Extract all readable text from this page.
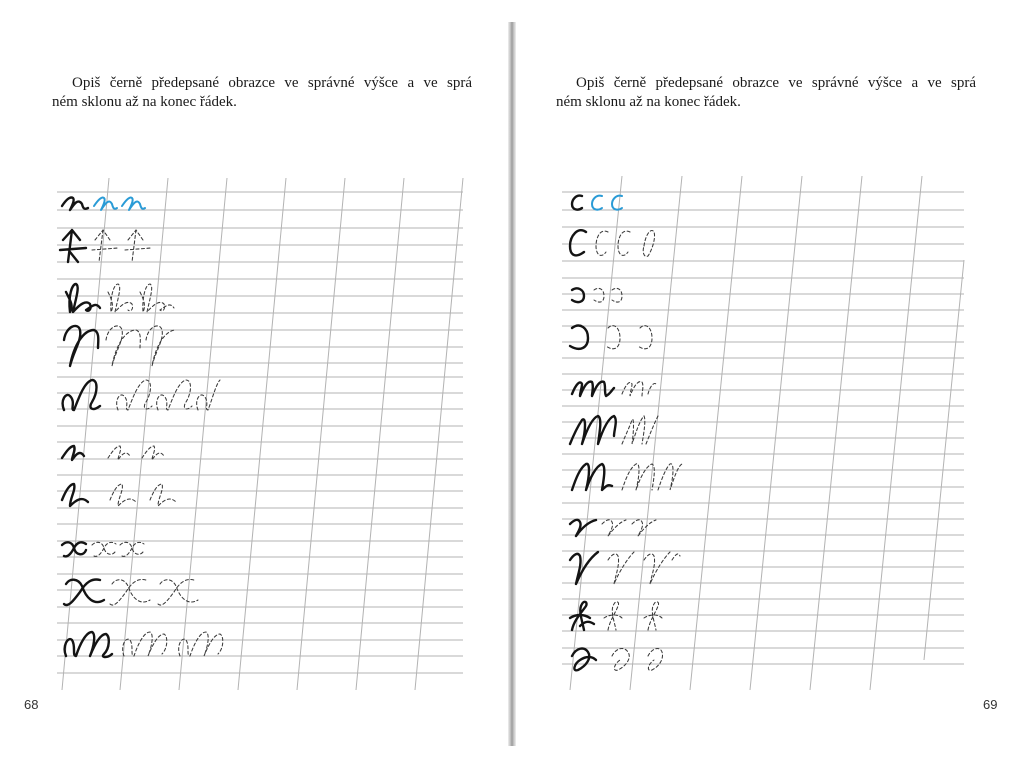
Opiš černě předepsané obrazce ve správné výšce a ve sprá
ném sklonu až na konec řádek.

68

Opiš černě předepsané obrazce ve správné výšce a ve sprá
ném sklonu až na konec řádek.

69
